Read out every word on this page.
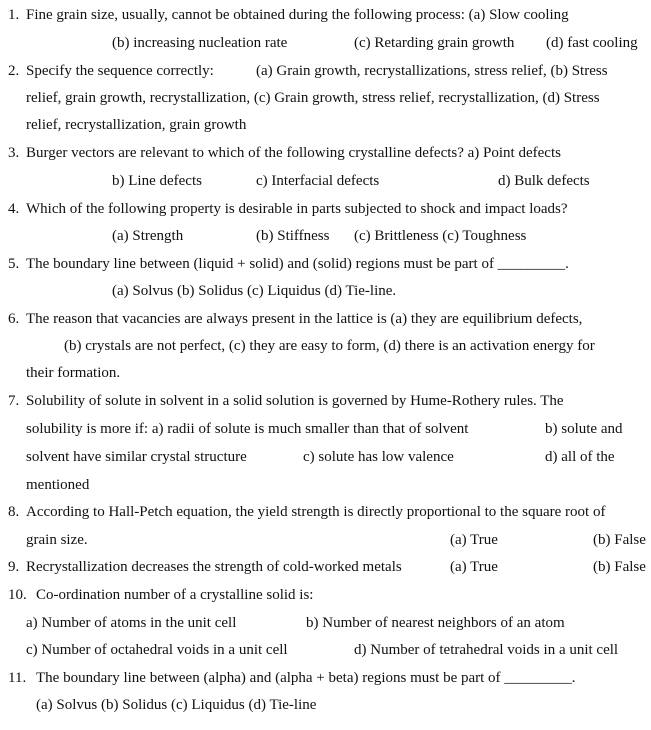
1. Fine grain size, usually, cannot be obtained during the following process: (a) Slow cooling
(b) increasing nucleation rate	(c) Retarding grain growth (d) fast cooling
2. Specify the sequence correctly:	(a) Grain growth, recrystallizations, stress relief, (b) Stress
relief, grain growth, recrystallization, (c) Grain growth, stress relief, recrystallization, (d) Stress
relief, recrystallization, grain growth
3. Burger vectors are relevant to which of the following crystalline defects? a) Point defects
b) Line defects	c) Interfacial defects	d) Bulk defects
4. Which of the following property is desirable in parts subjected to shock and impact loads?
(a) Strength	(b) Stiffness (c) Brittleness (c) Toughness
5. The boundary line between (liquid + solid) and (solid) regions must be part of _________.
(a) Solvus (b) Solidus (c) Liquidus (d) Tie-line.
6. The reason that vacancies are always present in the lattice is (a) they are equilibrium defects,
(b) crystals are not perfect, (c) they are easy to form, (d) there is an activation energy for
their formation.
7. Solubility of solute in solvent in a solid solution is governed by Hume-Rothery rules. The
solubility is more if: a) radii of solute is much smaller than that of solvent	b) solute and
solvent have similar crystal structure	c) solute has low valence	d) all of the
mentioned
8. According to Hall-Petch equation, the yield strength is directly proportional to the square root of
grain size.	(a) True	(b) False
9. Recrystallization decreases the strength of cold-worked metals	(a) True	(b) False
10. Co-ordination number of a crystalline solid is:
a) Number of atoms in the unit cell	b) Number of nearest neighbors of an atom
c) Number of octahedral voids in a unit cell	d) Number of tetrahedral voids in a unit cell
11. The boundary line between (alpha) and (alpha + beta) regions must be part of _________.
(a) Solvus (b) Solidus (c) Liquidus (d) Tie-line
